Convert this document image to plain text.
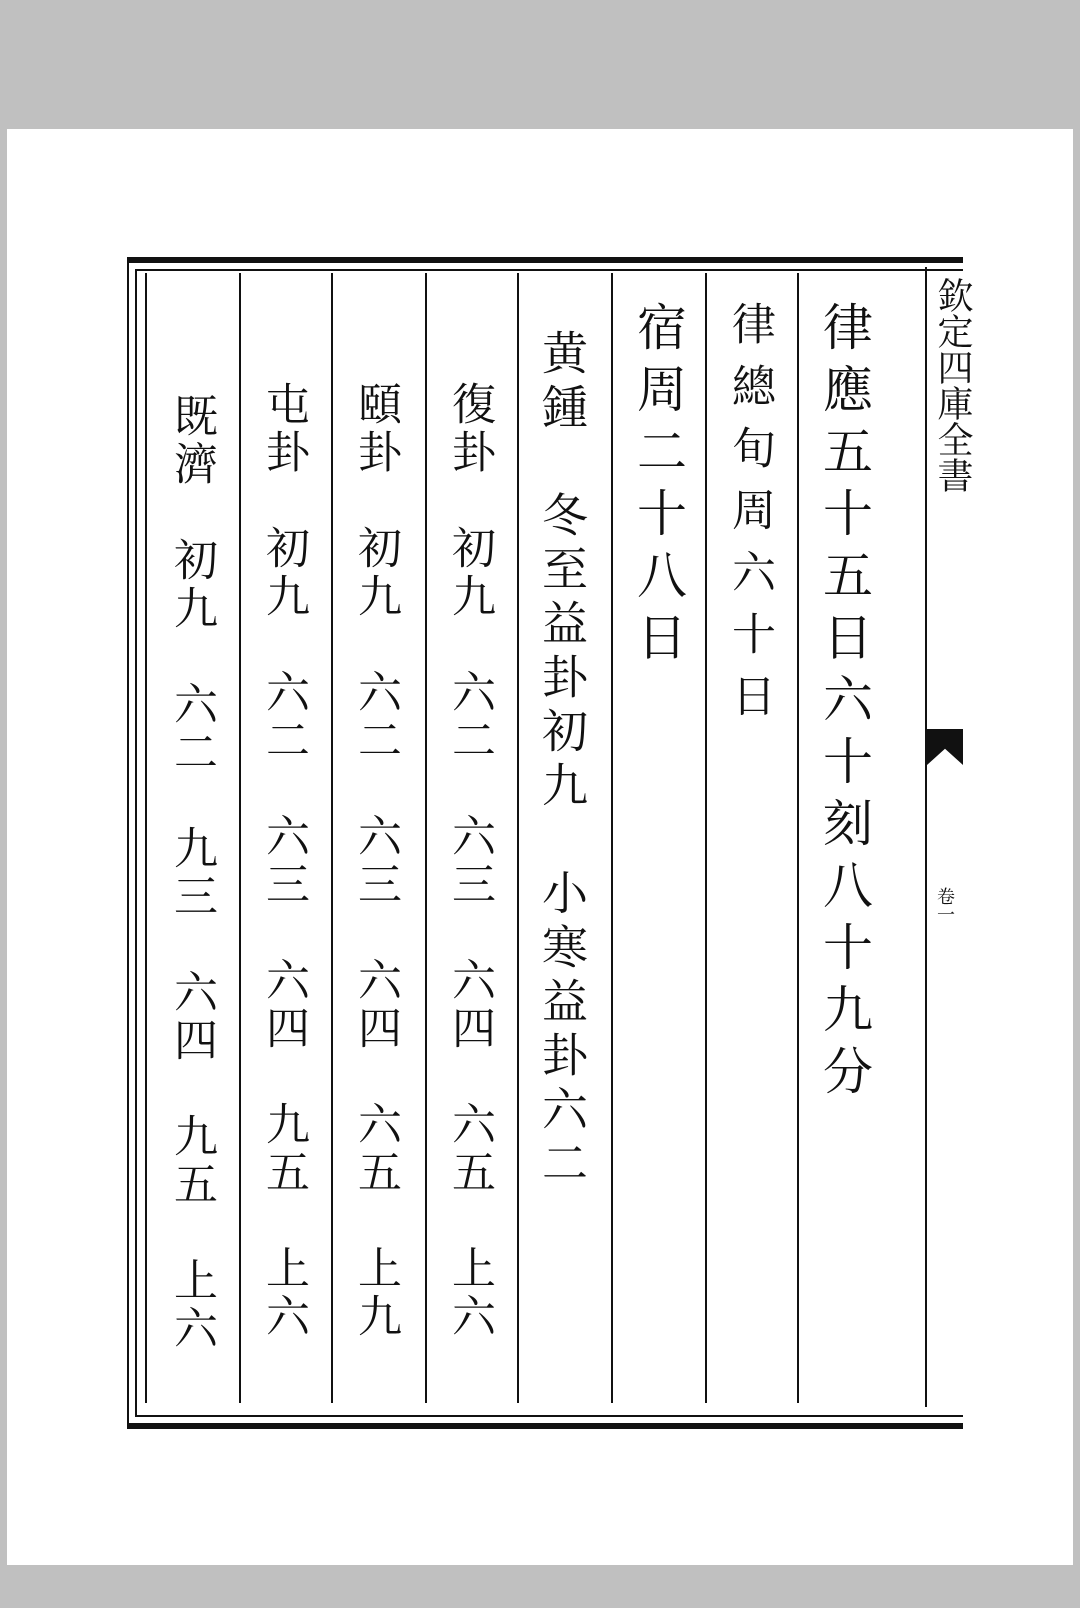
律應五十五日六十刻八十九分
律總旬周六十日
宿周二十八日
黄鍾　冬至益卦初九　小寒益卦六二
復卦　初九　六二　六三　六四　六五　上六
頤卦　初九　六二　六三　六四　六五　上九
屯卦　初九　六二　六三　六四　九五　上六
既濟　初九　六二　九三　六四　九五　上六
欽定四庫全書
卷一
